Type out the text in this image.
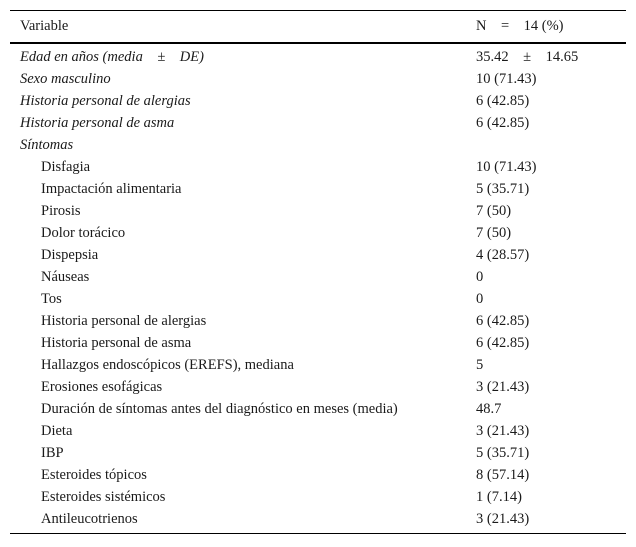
Variable	N    =    14 (%)
Edad en años (media    ±    DE)	35.42    ±    14.65
Sexo masculino	10 (71.43)
Historia personal de alergias	6 (42.85)
Historia personal de asma	6 (42.85)
Síntomas	
Disfagia	10 (71.43)
Impactación alimentaria	5 (35.71)
Pirosis	7 (50)
Dolor torácico	7 (50)
Dispepsia	4 (28.57)
Náuseas	0
Tos	0
Historia personal de alergias	6 (42.85)
Historia personal de asma	6 (42.85)
Hallazgos endoscópicos (EREFS), mediana	5
Erosiones esofágicas	3 (21.43)
Duración de síntomas antes del diagnóstico en meses (media)	48.7
Dieta	3 (21.43)
IBP	5 (35.71)
Esteroides tópicos	8 (57.14)
Esteroides sistémicos	1 (7.14)
Antileucotrienos	3 (21.43)
